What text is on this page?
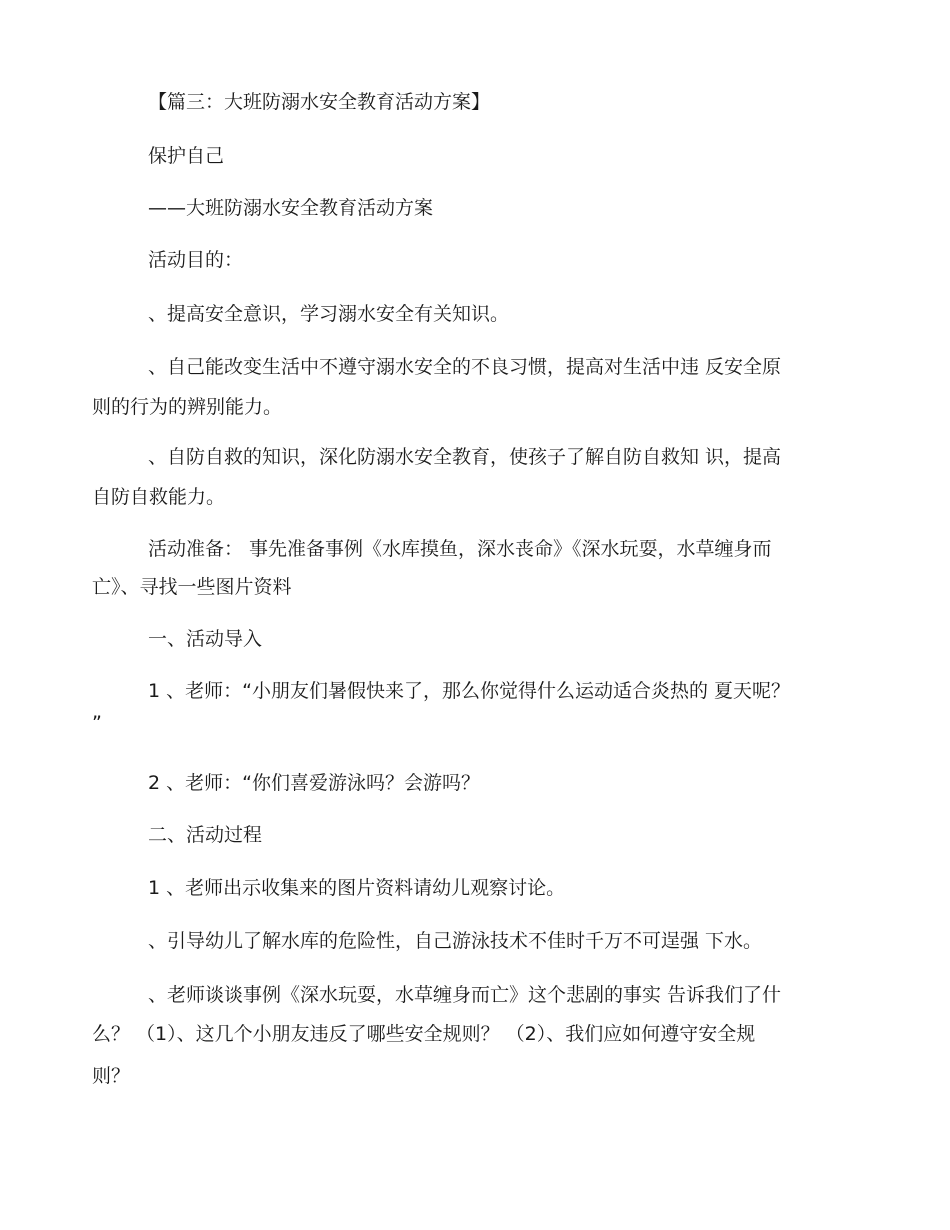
【篇三：大班防溺水安全教育活动方案】
保护自己
——大班防溺水安全教育活动方案
活动目的：
、提高安全意识，学习溺水安全有关知识。
、自己能改变生活中不遵守溺水安全的不良习惯，提高对生活中违 反安全原
则的行为的辨别能力。
、自防自救的知识，深化防溺水安全教育，使孩子了解自防自救知 识，提高
自防自救能力。
活动准备： 事先准备事例《水库摸鱼，深水丧命》《深水玩耍，水草缠身而
亡》、寻找一些图片资料
一、活动导入
1 、老师：“小朋友们暑假快来了，那么你觉得什么运动适合炎热的 夏天呢？
”
2 、老师：“你们喜爱游泳吗？会游吗？
二、活动过程
1 、老师出示收集来的图片资料请幼儿观察讨论。
、引导幼儿了解水库的危险性，自己游泳技术不佳时千万不可逞强 下水。
、老师谈谈事例《深水玩耍，水草缠身而亡》这个悲剧的事实 告诉我们了什
么？ （1）、这几个小朋友违反了哪些安全规则？ （2）、我们应如何遵守安全规
则？
